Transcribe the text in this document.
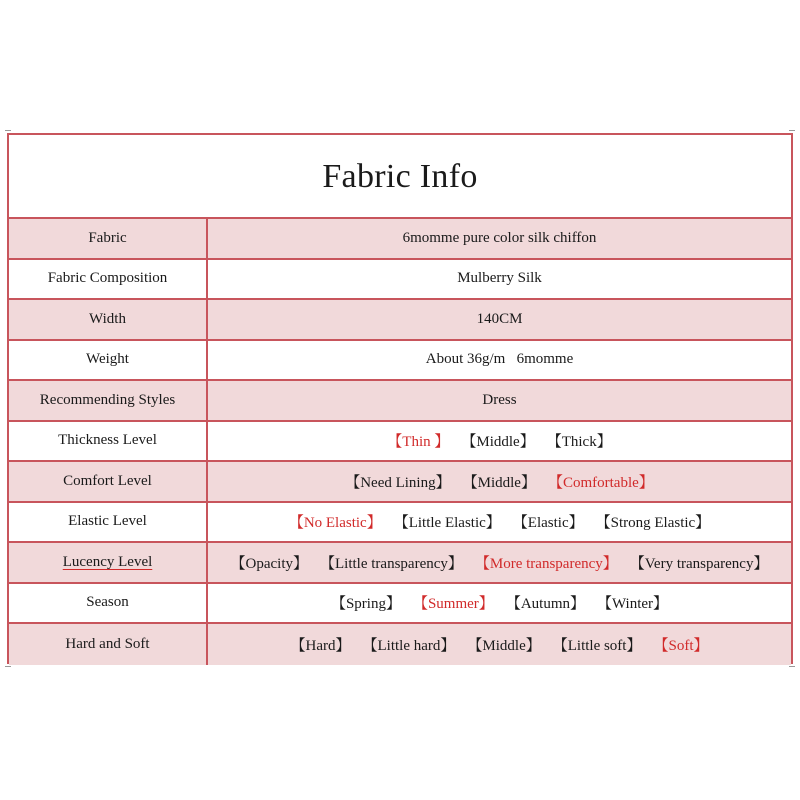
Fabric Info
Fabric	6momme pure color silk chiffon
Fabric Composition	Mulberry Silk
Width	140CM
Weight	About 36g/m   6momme
Recommending Styles	Dress
Thickness Level	【Thin 】 【Middle】 【Thick】
Comfort Level	【Need Lining】 【Middle】 【Comfortable】
Elastic Level	【No Elastic】 【Little Elastic】 【Elastic】 【Strong Elastic】
Lucency Level	【Opacity】 【Little transparency】 【More transparency】 【Very transparency】
Season	【Spring】 【Summer】 【Autumn】 【Winter】
Hard and Soft	【Hard】 【Little hard】 【Middle】 【Little soft】 【Soft】
